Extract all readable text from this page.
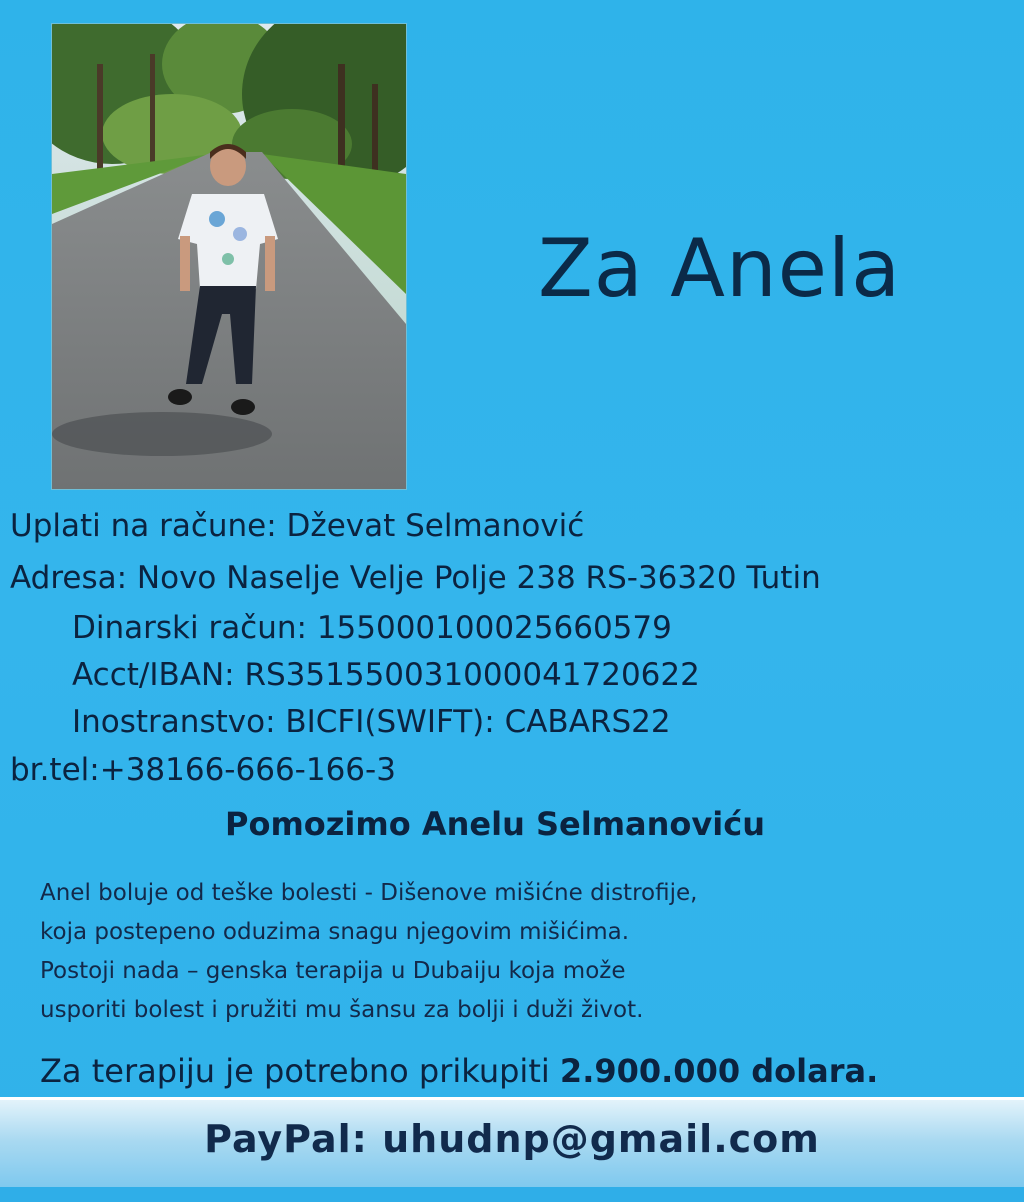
Za Anela
Uplati na račune: Dževat Selmanović
Adresa: Novo Naselje Velje Polje 238 RS-36320 Tutin
Dinarski račun: 155000100025660579
Acct/IBAN: RS351550031000041720622
Inostranstvo: BICFI(SWIFT): CABARS22
br.tel:+38166-666-166-3
Pomozimo Anelu Selmanoviću
Anel boluje od teške bolesti - Dišenove mišićne distrofije,
koja postepeno oduzima snagu njegovim mišićima.
Postoji nada – genska terapija u Dubaiju koja može
usporiti bolest i pružiti mu šansu za bolji i duži život.
Za terapiju je potrebno prikupiti 2.900.000 dolara.
PayPal: uhudnp@gmail.com
